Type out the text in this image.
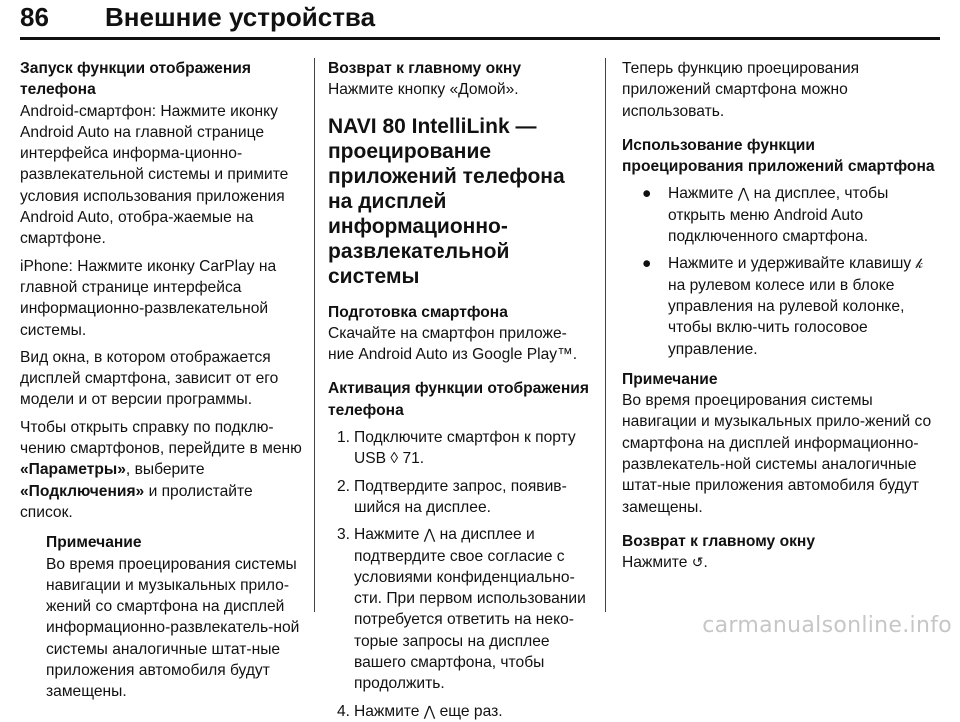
86 Внешние устройства

Запуск функции отображения телефона

Android-смартфон: Нажмите иконку Android Auto на главной странице интерфейса информа-ционно-развлекательной системы и примите условия использования приложения Android Auto, отобра-жаемые на смартфоне.

iPhone: Нажмите иконку CarPlay на главной странице интерфейса информационно-развлекательной системы.

Вид окна, в котором отображается дисплей смартфона, зависит от его модели и от версии программы.

Чтобы открыть справку по подклю-чению смартфонов, перейдите в меню «Параметры», выберите «Подключения» и пролистайте список.

Примечание

Во время проецирования системы навигации и музыкальных прило-жений со смартфона на дисплей информационно-развлекатель-ной системы аналогичные штат-ные приложения автомобиля будут замещены.

Возврат к главному окну

Нажмите кнопку «Домой».

NAVI 80 IntelliLink — проецирование приложений телефона на дисплей информационно-развлекательной системы

Подготовка смартфона

Скачайте на смартфон приложе-ние Android Auto из Google Play™.

Активация функции отображения телефона

1. Подключите смартфон к порту USB ◊ 71.
2. Подтвердите запрос, появив-шийся на дисплее.
3. Нажмите ⋀ на дисплее и подтвердите свое согласие с условиями конфиденциально-сти. При первом использовании потребуется ответить на неко-торые запросы на дисплее вашего смартфона, чтобы продолжить.
4. Нажмите ⋀ еще раз.

Теперь функцию проецирования приложений смартфона можно использовать.

Использование функции проецирования приложений смартфона

● Нажмите ⋀ на дисплее, чтобы открыть меню Android Auto подключенного смартфона.
● Нажмите и удерживайте клавишу 𝓀 на рулевом колесе или в блоке управления на рулевой колонке, чтобы вклю-чить голосовое управление.

Примечание

Во время проецирования системы навигации и музыкальных прило-жений со смартфона на дисплей информационно-развлекатель-ной системы аналогичные штат-ные приложения автомобиля будут замещены.

Возврат к главному окну

Нажмите ↺.

carmanualsonline.info
